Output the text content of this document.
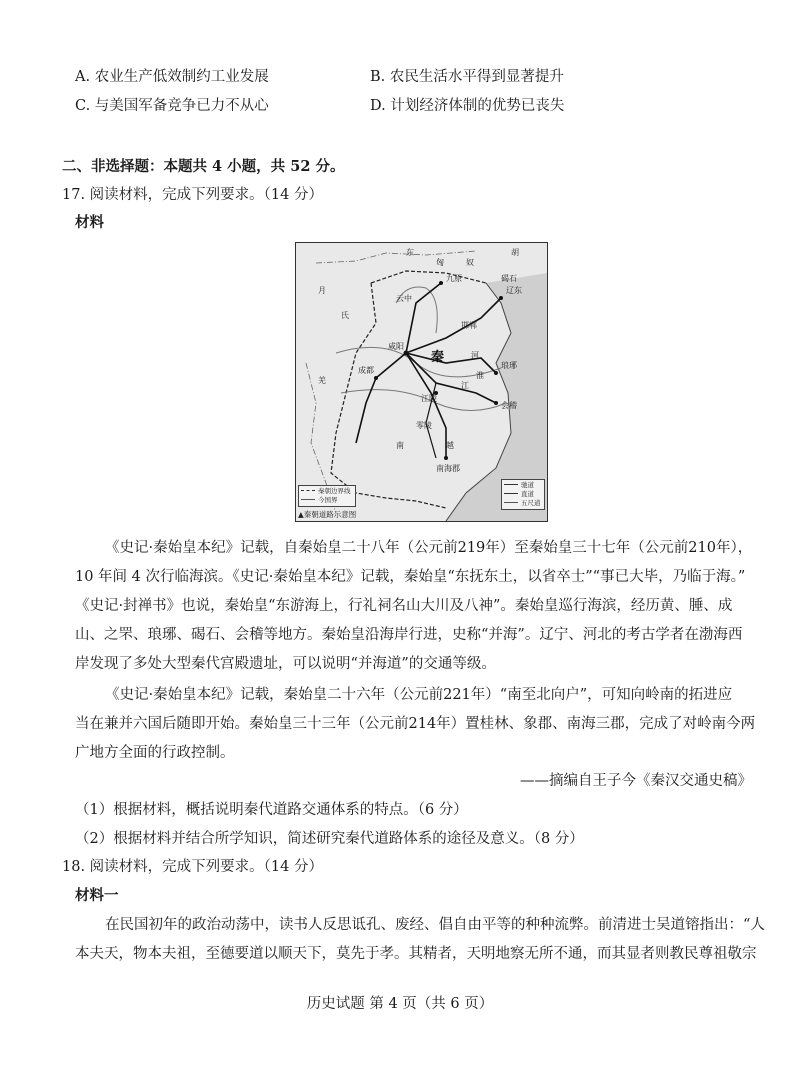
A. 农业生产低效制约工业发展	B. 农民生活水平得到显著提升
C. 与美国军备竞争已力不从心	D. 计划经济体制的优势已丧失
二、非选择题：本题共 4 小题，共 52 分。
17. 阅读材料，完成下列要求。（14 分）
材料
东	胡
匈	奴
月
氏
羌
秦
咸阳
九原
云中
碣石
辽东
邯郸
琅琊
会稽
成都
江陵
南海郡
越
南
零陵
江
河
淮
秦朝边界线
今国界
驰道
直道
五尺道
▲秦朝道路示意图
《史记·秦始皇本纪》记载，自秦始皇二十八年（公元前219年）至秦始皇三十七年（公元前210年），
10 年间 4 次行临海滨。《史记·秦始皇本纪》记载，秦始皇“东抚东土，以省卒士”“事已大毕，乃临于海。”
《史记·封禅书》也说，秦始皇“东游海上，行礼祠名山大川及八神”。秦始皇巡行海滨，经历黄、腄、成
山、之罘、琅琊、碣石、会稽等地方。秦始皇沿海岸行进，史称“并海”。辽宁、河北的考古学者在渤海西
岸发现了多处大型秦代宫殿遗址，可以说明“并海道”的交通等级。
《史记·秦始皇本纪》记载，秦始皇二十六年（公元前221年）“南至北向户”，可知向岭南的拓进应
当在兼并六国后随即开始。秦始皇三十三年（公元前214年）置桂林、象郡、南海三郡，完成了对岭南今两
广地方全面的行政控制。
——摘编自王子今《秦汉交通史稿》
（1）根据材料，概括说明秦代道路交通体系的特点。（6 分）
（2）根据材料并结合所学知识，简述研究秦代道路体系的途径及意义。（8 分）
18. 阅读材料，完成下列要求。（14 分）
材料一
在民国初年的政治动荡中，读书人反思诋孔、废经、倡自由平等的种种流弊。前清进士吴道镕指出：“人
本夫天，物本夫祖，至德要道以顺天下，莫先于孝。其精者，天明地察无所不通，而其显者则教民尊祖敬宗
历史试题 第 4 页（共 6 页）
